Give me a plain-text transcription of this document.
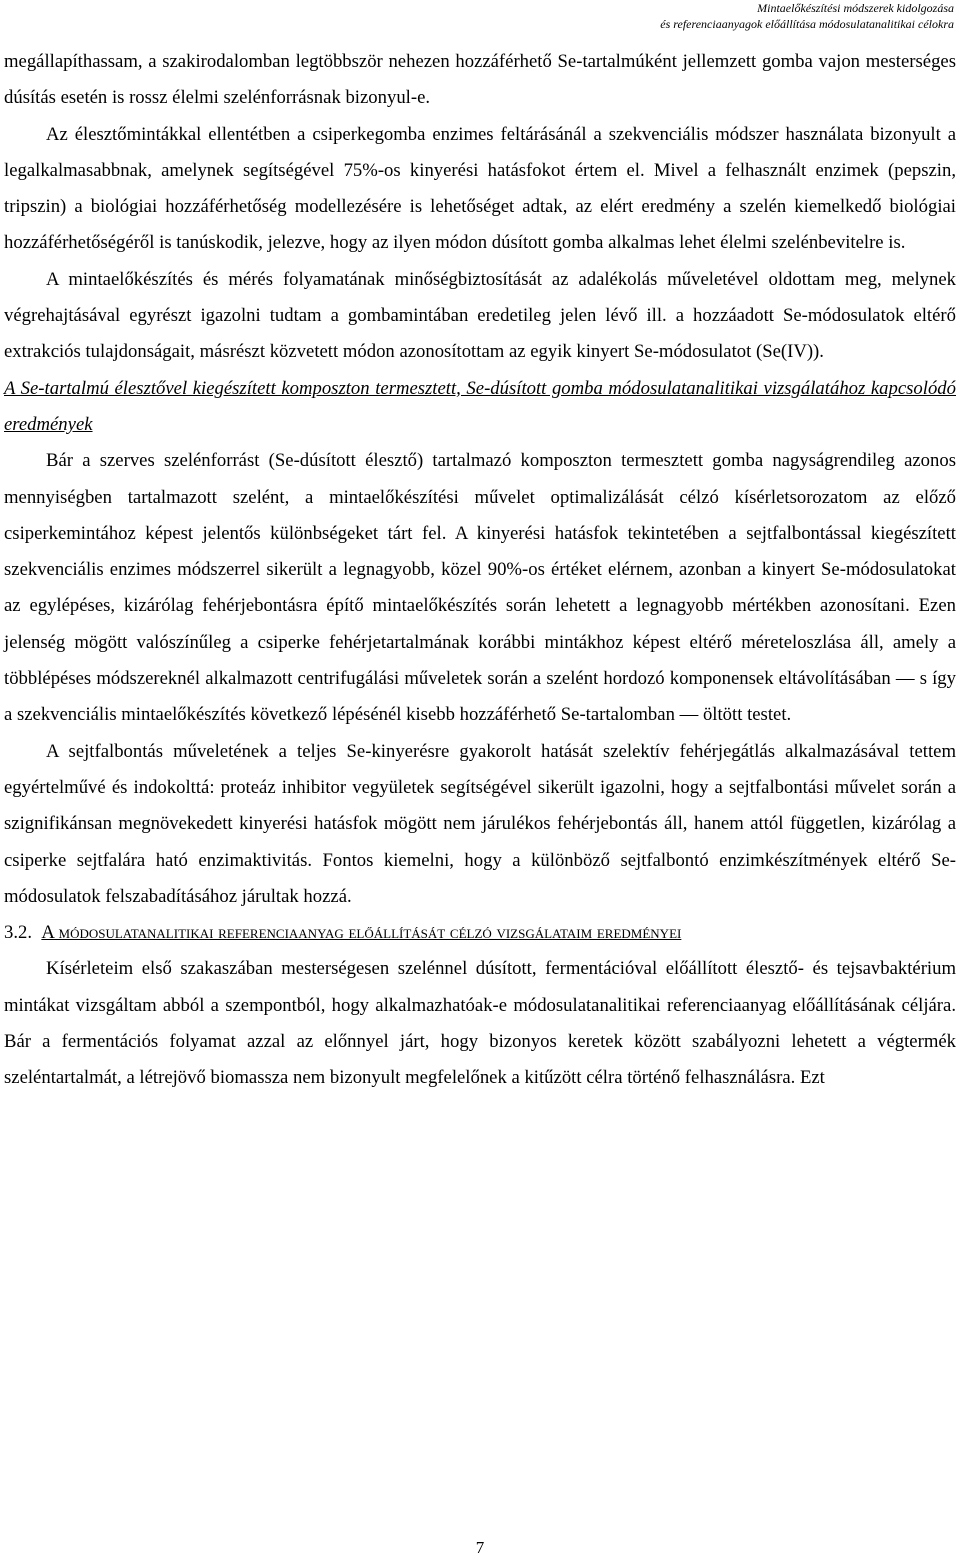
Mintaelőkészítési módszerek kidolgozása
és referenciaanyagok előállítása módosulatanalitikai célokra

megállapíthassam, a szakirodalomban legtöbbször nehezen hozzáférhető Se-tartalmúként jellemzett gomba vajon mesterséges dúsítás esetén is rossz élelmi szelénforrásnak bizonyul-e.

Az élesztőmintákkal ellentétben a csiperkegomba enzimes feltárásánál a szekvenciális módszer használata bizonyult a legalkalmasabbnak, amelynek segítségével 75%-os kinyerési hatásfokot értem el. Mivel a felhasznált enzimek (pepszin, tripszin) a biológiai hozzáférhetőség modellezésére is lehetőséget adtak, az elért eredmény a szelén kiemelkedő biológiai hozzáférhetőségéről is tanúskodik, jelezve, hogy az ilyen módon dúsított gomba alkalmas lehet élelmi szelénbevitelre is.

A mintaelőkészítés és mérés folyamatának minőségbiztosítását az adalékolás műveletével oldottam meg, melynek végrehajtásával egyrészt igazolni tudtam a gombamintában eredetileg jelen lévő ill. a hozzáadott Se-módosulatok eltérő extrakciós tulajdonságait, másrészt közvetett módon azonosítottam az egyik kinyert Se-módosulatot (Se(IV)).

A Se-tartalmú élesztővel kiegészített komposzton termesztett, Se-dúsított gomba módosulatanalitikai vizsgálatához kapcsolódó eredmények

Bár a szerves szelénforrást (Se-dúsított élesztő) tartalmazó komposzton termesztett gomba nagyságrendileg azonos mennyiségben tartalmazott szelént, a mintaelőkészítési művelet optimalizálását célzó kísérletsorozatom az előző csiperkemintához képest jelentős különbségeket tárt fel. A kinyerési hatásfok tekintetében a sejtfalbontással kiegészített szekvenciális enzimes módszerrel sikerült a legnagyobb, közel 90%-os értéket elérnem, azonban a kinyert Se-módosulatokat az egylépéses, kizárólag fehérjebontásra építő mintaelőkészítés során lehetett a legnagyobb mértékben azonosítani. Ezen jelenség mögött valószínűleg a csiperke fehérjetartalmának korábbi mintákhoz képest eltérő méreteloszlása áll, amely a többlépéses módszereknél alkalmazott centrifugálási műveletek során a szelént hordozó komponensek eltávolításában — s így a szekvenciális mintaelőkészítés következő lépésénél kisebb hozzáférhető Se-tartalomban — öltött testet.

A sejtfalbontás műveletének a teljes Se-kinyerésre gyakorolt hatását szelektív fehérjegátlás alkalmazásával tettem egyértelművé és indokolttá: proteáz inhibitor vegyületek segítségével sikerült igazolni, hogy a sejtfalbontási művelet során a szignifikánsan megnövekedett kinyerési hatásfok mögött nem járulékos fehérjebontás áll, hanem attól független, kizárólag a csiperke sejtfalára ható enzimaktivitás. Fontos kiemelni, hogy a különböző sejtfalbontó enzimkészítmények eltérő Se-módosulatok felszabadításához járultak hozzá.

3.2. A módosulatanalitikai referenciaanyag előállítását célzó vizsgálataim eredményei

Kísérleteim első szakaszában mesterségesen szelénnel dúsított, fermentációval előállított élesztő- és tejsavbaktérium mintákat vizsgáltam abból a szempontból, hogy alkalmazhatóak-e módosulatanalitikai referenciaanyag előállításának céljára. Bár a fermentációs folyamat azzal az előnnyel járt, hogy bizonyos keretek között szabályozni lehetett a végtermék szeléntartalmát, a létrejövő biomassza nem bizonyult megfelelőnek a kitűzött célra történő felhasználásra. Ezt

7
